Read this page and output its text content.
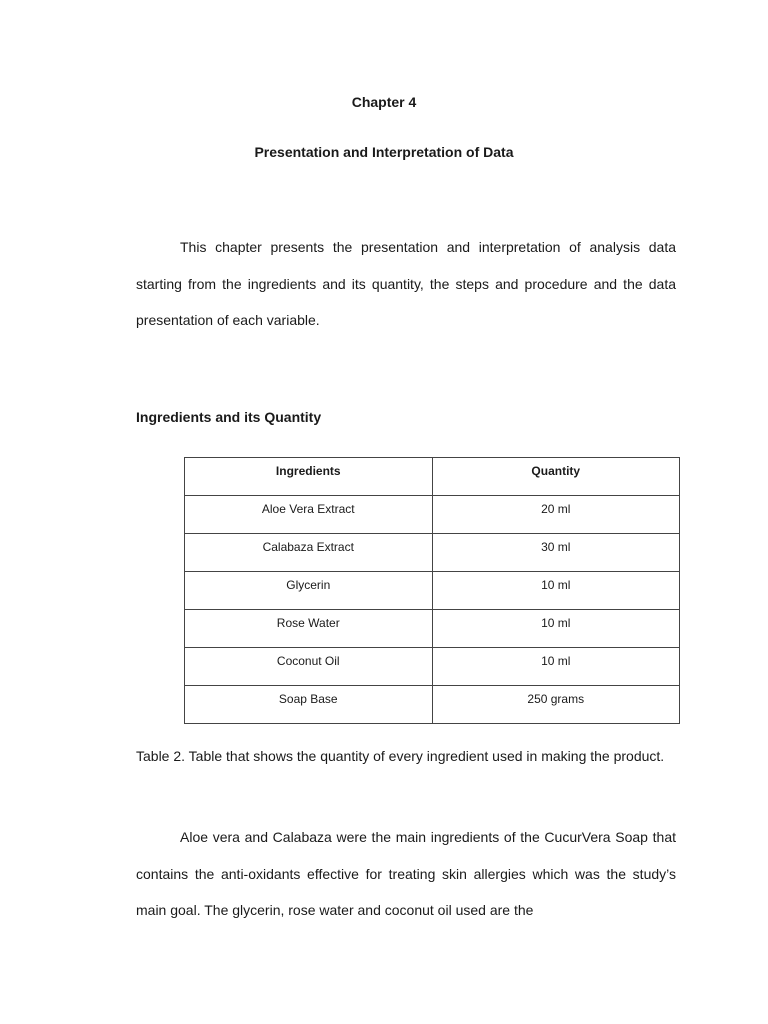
Chapter 4
Presentation and Interpretation of Data

This chapter presents the presentation and interpretation of analysis data starting from the ingredients and its quantity, the steps and procedure and the data presentation of each variable.

Ingredients and its Quantity
Ingredients	Quantity
Aloe Vera Extract	20 ml
Calabaza Extract	30 ml
Glycerin	10 ml
Rose Water	10 ml
Coconut Oil	10 ml
Soap Base	250 grams

Table 2. Table that shows the quantity of every ingredient used in making the product.

Aloe vera and Calabaza were the main ingredients of the CucurVera Soap that contains the anti-oxidants effective for treating skin allergies which was the study’s main goal. The glycerin, rose water and coconut oil used are the
